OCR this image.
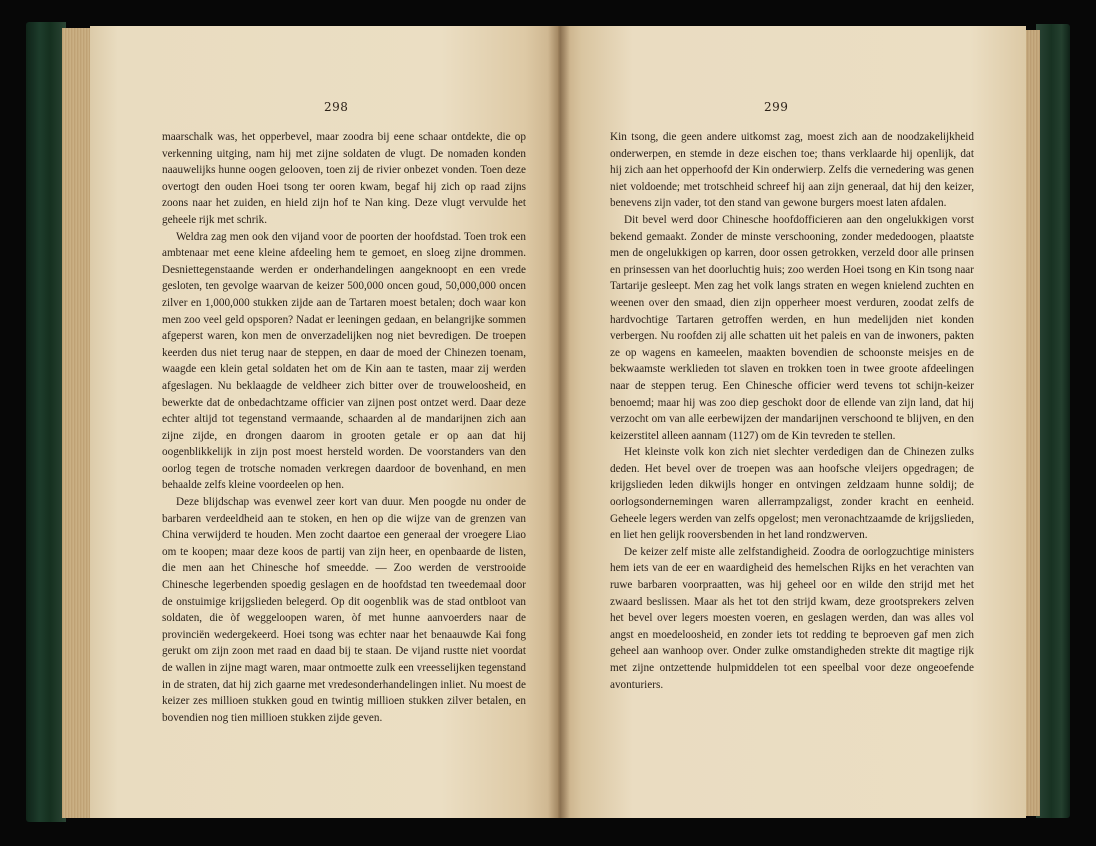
298

maarschalk was, het opperbevel, maar zoodra bij eene schaar ontdekte, die op verkenning uitging, nam hij met zijne soldaten de vlugt. De nomaden konden naauwelijks hunne oogen gelooven, toen zij de rivier onbezet vonden. Toen deze overtogt den ouden Hoei tsong ter ooren kwam, begaf hij zich op raad zijns zoons naar het zuiden, en hield zijn hof te Nan king. Deze vlugt vervulde het geheele rijk met schrik.

Weldra zag men ook den vijand voor de poorten der hoofdstad. Toen trok een ambtenaar met eene kleine afdeeling hem te gemoet, en sloeg zijne drommen. Desniettegenstaande werden er onderhandelingen aangeknoopt en een vrede gesloten, ten gevolge waarvan de keizer 500,000 oncen goud, 50,000,000 oncen zilver en 1,000,000 stukken zijde aan de Tartaren moest betalen; doch waar kon men zoo veel geld opsporen? Nadat er leeningen gedaan, en belangrijke sommen afgeperst waren, kon men de onverzadelijken nog niet bevredigen. De troepen keerden dus niet terug naar de steppen, en daar de moed der Chinezen toenam, waagde een klein getal soldaten het om de Kin aan te tasten, maar zij werden afgeslagen. Nu beklaagde de veldheer zich bitter over de trouweloosheid, en bewerkte dat de onbedachtzame officier van zijnen post ontzet werd. Daar deze echter altijd tot tegenstand vermaande, schaarden al de mandarijnen zich aan zijne zijde, en drongen daarom in grooten getale er op aan dat hij oogenblikkelijk in zijn post moest hersteld worden. De voorstanders van den oorlog tegen de trotsche nomaden verkregen daardoor de bovenhand, en men behaalde zelfs kleine voordeelen op hen.

Deze blijdschap was evenwel zeer kort van duur. Men poogde nu onder de barbaren verdeeldheid aan te stoken, en hen op die wijze van de grenzen van China verwijderd te houden. Men zocht daartoe een generaal der vroegere Liao om te koopen; maar deze koos de partij van zijn heer, en openbaarde de listen, die men aan het Chinesche hof smeedde. — Zoo werden de verstrooide Chinesche legerbenden spoedig geslagen en de hoofdstad ten tweedemaal door de onstuimige krijgslieden belegerd. Op dit oogenblik was de stad ontbloot van soldaten, die òf weggeloopen waren, òf met hunne aanvoerders naar de provinciën wedergekeerd. Hoei tsong was echter naar het benaauwde Kai fong gerukt om zijn zoon met raad en daad bij te staan. De vijand rustte niet voordat de wallen in zijne magt waren, maar ontmoette zulk een vreesselijken tegenstand in de straten, dat hij zich gaarne met vredesonderhandelingen inliet. Nu moest de keizer zes millioen stukken goud en twintig millioen stukken zilver betalen, en bovendien nog tien millioen stukken zijde geven.

299

Kin tsong, die geen andere uitkomst zag, moest zich aan de noodzakelijkheid onderwerpen, en stemde in deze eischen toe; thans verklaarde hij openlijk, dat hij zich aan het opperhoofd der Kin onderwierp. Zelfs die vernedering was genen niet voldoende; met trotschheid schreef hij aan zijn generaal, dat hij den keizer, benevens zijn vader, tot den stand van gewone burgers moest laten afdalen.

Dit bevel werd door Chinesche hoofdofficieren aan den ongelukkigen vorst bekend gemaakt. Zonder de minste verschooning, zonder mededoogen, plaatste men de ongelukkigen op karren, door ossen getrokken, verzeld door alle prinsen en prinsessen van het doorluchtig huis; zoo werden Hoei tsong en Kin tsong naar Tartarije gesleept. Men zag het volk langs straten en wegen knielend zuchten en weenen over den smaad, dien zijn opperheer moest verduren, zoodat zelfs de hardvochtige Tartaren getroffen werden, en hun medelijden niet konden verbergen. Nu roofden zij alle schatten uit het paleis en van de inwoners, pakten ze op wagens en kameelen, maakten bovendien de schoonste meisjes en de bekwaamste werklieden tot slaven en trokken toen in twee groote afdeelingen naar de steppen terug. Een Chinesche officier werd tevens tot schijn-keizer benoemd; maar hij was zoo diep geschokt door de ellende van zijn land, dat hij verzocht om van alle eerbewijzen der mandarijnen verschoond te blijven, en den keizerstitel alleen aannam (1127) om de Kin tevreden te stellen.

Het kleinste volk kon zich niet slechter verdedigen dan de Chinezen zulks deden. Het bevel over de troepen was aan hoofsche vleijers opgedragen; de krijgslieden leden dikwijls honger en ontvingen zeldzaam hunne soldij; de oorlogsondernemingen waren allerrampzaligst, zonder kracht en eenheid. Geheele legers werden van zelfs opgelost; men veronachtzaamde de krijgslieden, en liet hen gelijk rooversbenden in het land rondzwerven.

De keizer zelf miste alle zelfstandigheid. Zoodra de oorlogzuchtige ministers hem iets van de eer en waardigheid des hemelschen Rijks en het verachten van ruwe barbaren voorpraatten, was hij geheel oor en wilde den strijd met het zwaard beslissen. Maar als het tot den strijd kwam, deze grootsprekers zelven het bevel over legers moesten voeren, en geslagen werden, dan was alles vol angst en moedeloosheid, en zonder iets tot redding te beproeven gaf men zich geheel aan wanhoop over. Onder zulke omstandigheden strekte dit magtige rijk met zijne ontzettende hulpmiddelen tot een speelbal voor deze ongeoefende avonturiers.
